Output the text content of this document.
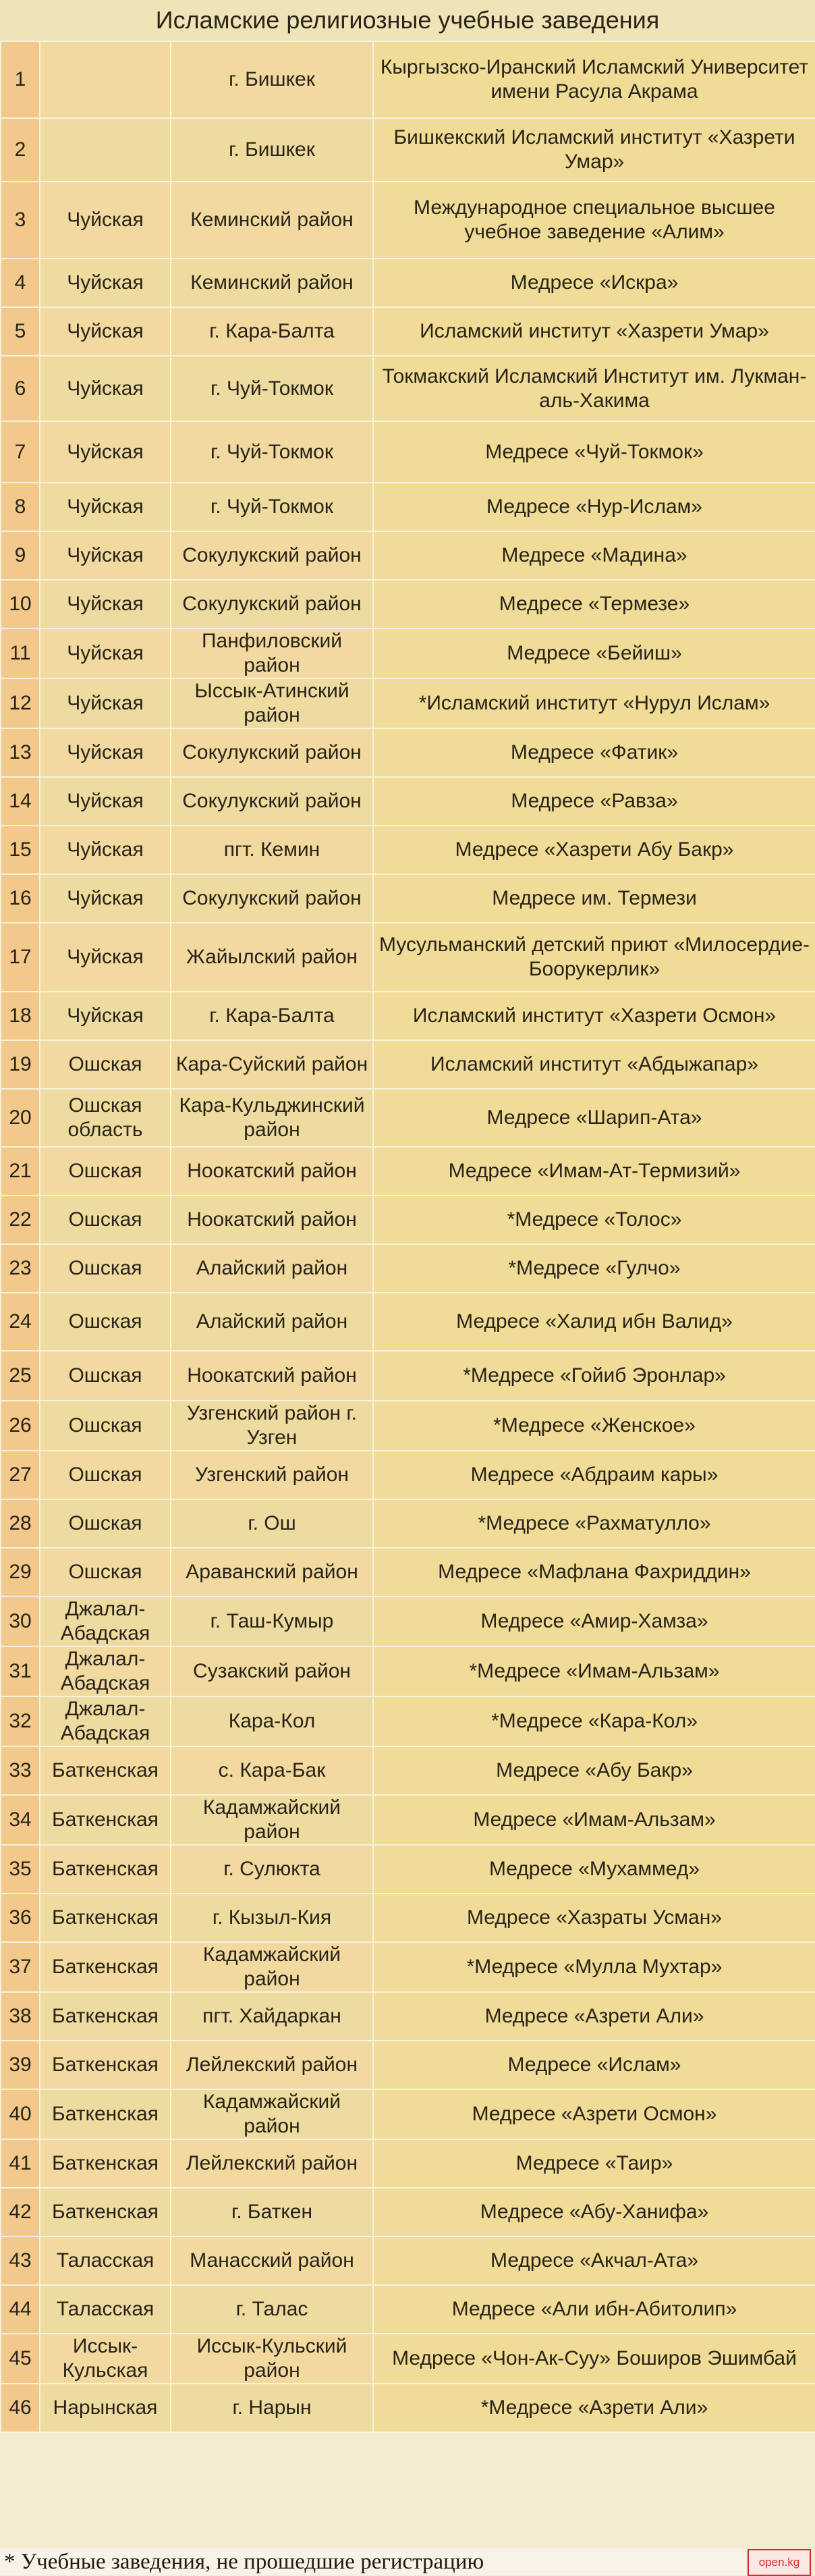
Исламские религиозные учебные заведения
1		г. Бишкек	Кыргызско-Иранский Исламский Университет имени Расула Акрама
2		г. Бишкек	Бишкекский Исламский институт «Хазрети Умар»
3	Чуйская	Кеминский район	Международное специальное высшее учебное заведение «Алим»
4	Чуйская	Кеминский район	Медресе «Искра»
5	Чуйская	г. Кара-Балта	Исламский институт «Хазрети Умар»
6	Чуйская	г. Чуй-Токмок	Токмакский Исламский Институт им. Лукман-аль-Хакима
7	Чуйская	г. Чуй-Токмок	Медресе «Чуй-Токмок»
8	Чуйская	г. Чуй-Токмок	Медресе «Нур-Ислам»
9	Чуйская	Сокулукский район	Медресе «Мадина»
10	Чуйская	Сокулукский район	Медресе «Термезе»
11	Чуйская	Панфиловский район	Медресе «Бейиш»
12	Чуйская	Ысcык-Атинский район	*Исламский институт «Нурул Ислам»
13	Чуйская	Сокулукский район	Медресе «Фатик»
14	Чуйская	Сокулукский район	Медресе «Равза»
15	Чуйская	пгт. Кемин	Медресе «Хазрети Абу Бакр»
16	Чуйская	Сокулукский район	Медресе им. Термези
17	Чуйская	Жайылский район	Мусульманский детский приют «Милосердие-Боорукерлик»
18	Чуйская	г. Кара-Балта	Исламский институт «Хазрети Осмон»
19	Ошская	Кара-Суйский район	Исламский институт «Абдыжапар»
20	Ошская область	Кара-Кульджинский район	Медресе «Шарип-Ата»
21	Ошская	Ноокатский район	Медресе «Имам-Ат-Термизий»
22	Ошская	Ноокатский район	*Медресе «Толос»
23	Ошская	Алайский район	*Медресе «Гулчо»
24	Ошская	Алайский район	Медресе «Халид ибн Валид»
25	Ошская	Ноокатский район	*Медресе «Гойиб Эронлар»
26	Ошская	Узгенский район г. Узген	*Медресе «Женское»
27	Ошская	Узгенский район	Медресе «Абдраим кары»
28	Ошская	г. Ош	*Медресе «Рахматулло»
29	Ошская	Араванский район	Медресе «Мафлана Фахриддин»
30	Джалал-Абадская	г. Таш-Кумыр	Медресе «Амир-Хамза»
31	Джалал-Абадская	Сузакский район	*Медресе «Имам-Альзам»
32	Джалал-Абадская	Кара-Кол	*Медресе «Кара-Кол»
33	Баткенская	с. Кара-Бак	Медресе «Абу Бакр»
34	Баткенская	Кадамжайский район	Медресе «Имам-Альзам»
35	Баткенская	г. Сулюкта	Медресе «Мухаммед»
36	Баткенская	г. Кызыл-Кия	Медресе «Хазраты Усман»
37	Баткенская	Кадамжайский район	*Медресе «Мулла Мухтар»
38	Баткенская	пгт. Хайдаркан	Медресе «Азрети Али»
39	Баткенская	Лейлекский район	Медресе «Ислам»
40	Баткенская	Кадамжайский район	Медресе «Азрети Осмон»
41	Баткенская	Лейлекский район	Медресе «Таир»
42	Баткенская	г. Баткен	Медресе «Абу-Ханифа»
43	Таласская	Манасский район	Медресе «Акчал-Ата»
44	Таласская	г. Талас	Медресе «Али ибн-Абитолип»
45	Иссык-Кульская	Иссык-Кульский район	Медресе «Чон-Ак-Суу» Боширов Эшимбай
46	Нарынская	г. Нарын	*Медресе «Азрети Али»
* Учебные заведения, не прошедшие регистрацию	open.kg
